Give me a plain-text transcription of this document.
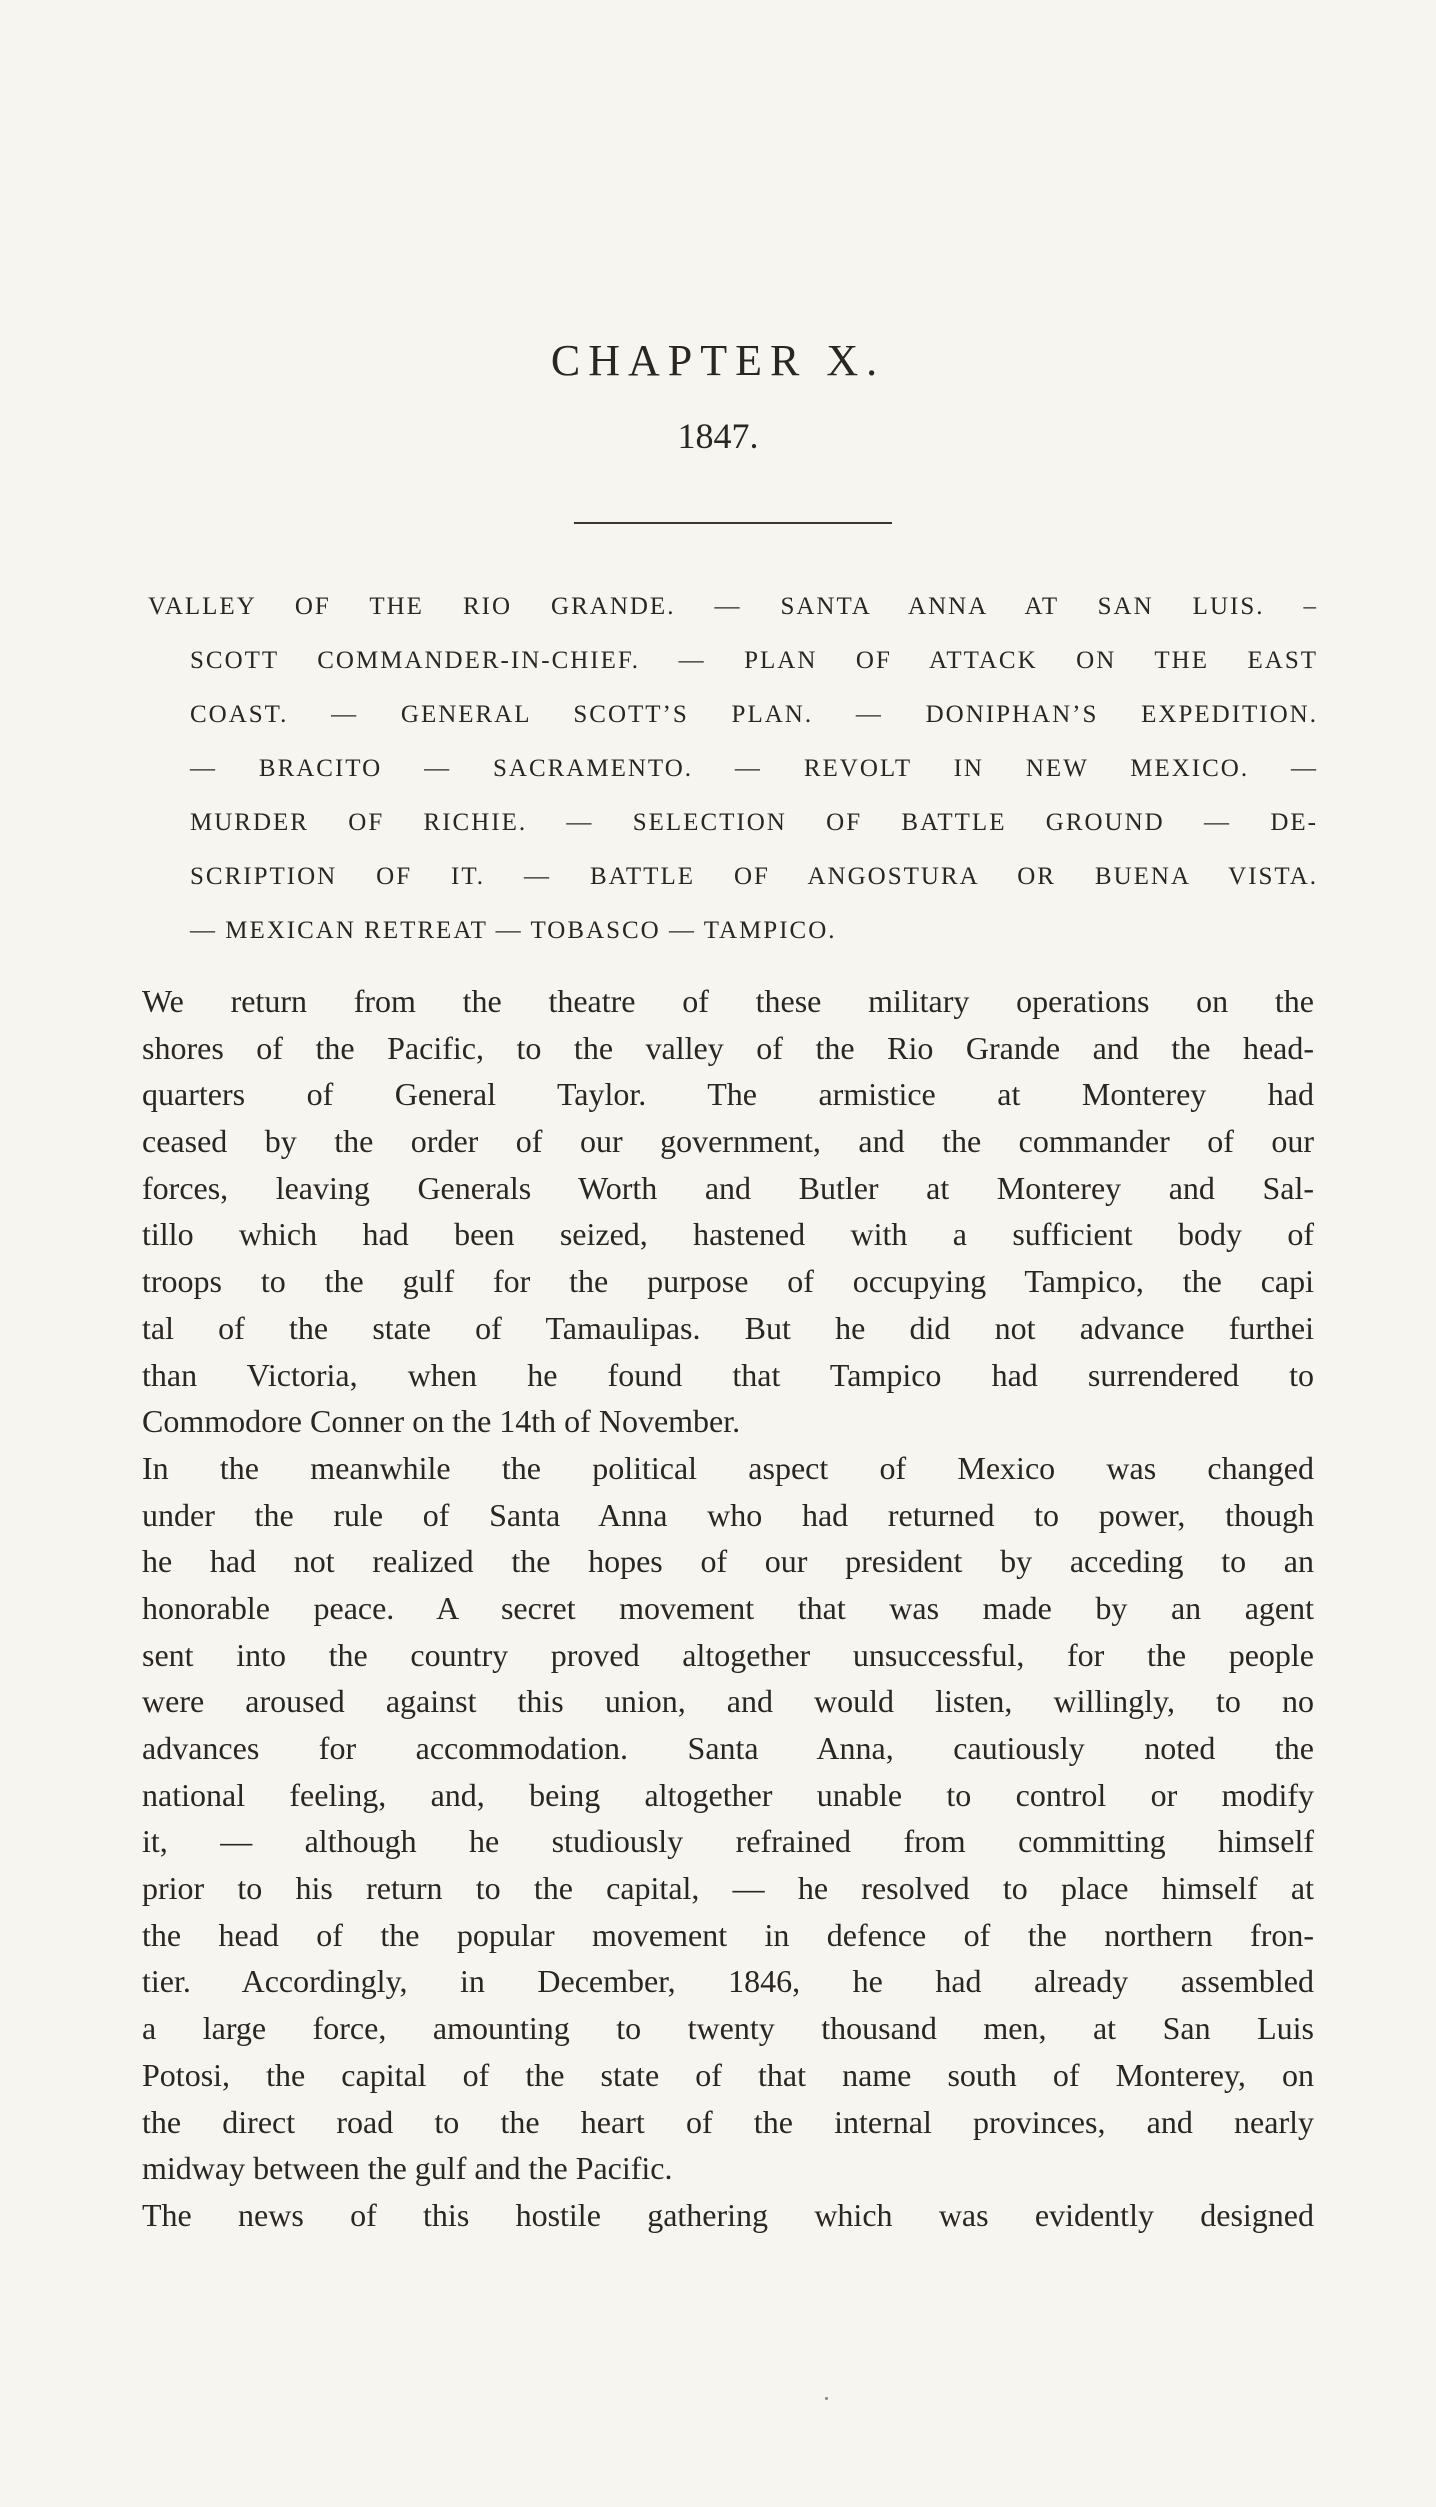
CHAPTER X.
1847.
VALLEY OF THE RIO GRANDE. — SANTA ANNA AT SAN LUIS. –
SCOTT COMMANDER-IN-CHIEF. — PLAN OF ATTACK ON THE EAST
COAST. — GENERAL SCOTT’S PLAN. — DONIPHAN’S EXPEDITION.
— BRACITO — SACRAMENTO. — REVOLT IN NEW MEXICO. —
MURDER OF RICHIE. — SELECTION OF BATTLE GROUND — DE-
SCRIPTION OF IT. — BATTLE OF ANGOSTURA OR BUENA VISTA.
— MEXICAN RETREAT — TOBASCO — TAMPICO.
We return from the theatre of these military operations on the
shores of the Pacific, to the valley of the Rio Grande and the head-
quarters of General Taylor. The armistice at Monterey had
ceased by the order of our government, and the commander of our
forces, leaving Generals Worth and Butler at Monterey and Sal-
tillo which had been seized, hastened with a sufficient body of
troops to the gulf for the purpose of occupying Tampico, the capi
tal of the state of Tamaulipas. But he did not advance furthei
than Victoria, when he found that Tampico had surrendered to
Commodore Conner on the 14th of November.
In the meanwhile the political aspect of Mexico was changed
under the rule of Santa Anna who had returned to power, though
he had not realized the hopes of our president by acceding to an
honorable peace. A secret movement that was made by an agent
sent into the country proved altogether unsuccessful, for the people
were aroused against this union, and would listen, willingly, to no
advances for accommodation. Santa Anna, cautiously noted the
national feeling, and, being altogether unable to control or modify
it, — although he studiously refrained from committing himself
prior to his return to the capital, — he resolved to place himself at
the head of the popular movement in defence of the northern fron-
tier. Accordingly, in December, 1846, he had already assembled
a large force, amounting to twenty thousand men, at San Luis
Potosi, the capital of the state of that name south of Monterey, on
the direct road to the heart of the internal provinces, and nearly
midway between the gulf and the Pacific.
The news of this hostile gathering which was evidently designed
